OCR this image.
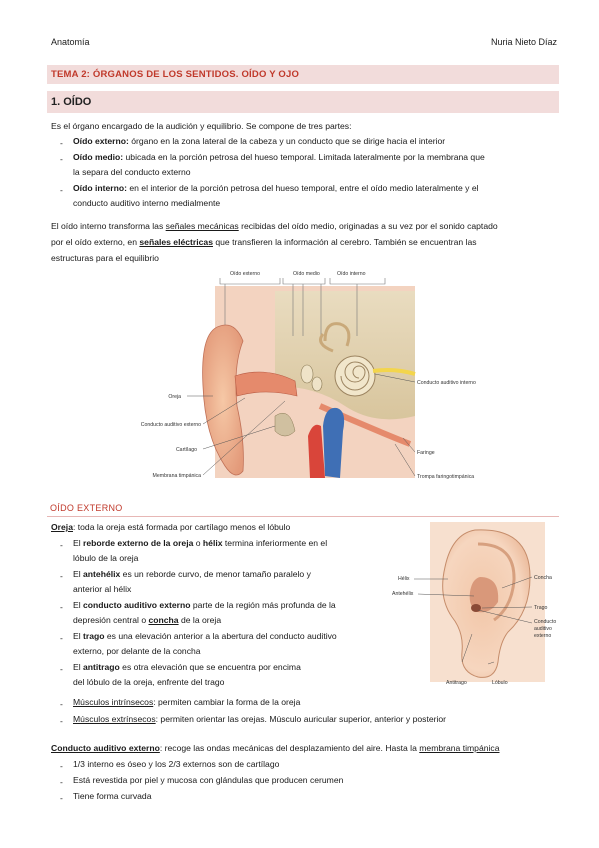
Anatomía	Nuria Nieto Díaz
TEMA 2: ÓRGANOS DE LOS SENTIDOS. OÍDO Y OJO
1. OÍDO
Es el órgano encargado de la audición y equilibrio. Se compone de tres partes:
- Oído externo: órgano en la zona lateral de la cabeza y un conducto que se dirige hacia el interior
- Oído medio: ubicada en la porción petrosa del hueso temporal. Limitada lateralmente por la membrana que
la separa del conducto externo
- Oído interno: en el interior de la porción petrosa del hueso temporal, entre el oído medio lateralmente y el
conducto auditivo interno medialmente
El oído interno transforma las señales mecánicas recibidas del oído medio, originadas a su vez por el sonido captado
por el oído externo, en señales eléctricas que transfieren la información al cerebro. También se encuentran las
estructuras para el equilibrio
Oído externo	Oído medio	Oído interno
Oreja
Conducto auditivo externo
Cartílago
Membrana timpánica
Conducto auditivo interno
Faringe
Trompa faringotimpánica
OÍDO EXTERNO
Oreja: toda la oreja está formada por cartílago menos el lóbulo
- El reborde externo de la oreja o hélix termina inferiormente en el
lóbulo de la oreja
- El antehélix es un reborde curvo, de menor tamaño paralelo y
anterior al hélix
- El conducto auditivo externo parte de la región más profunda de la
depresión central o concha de la oreja
- El trago es una elevación anterior a la abertura del conducto auditivo
externo, por delante de la concha
- El antitrago es otra elevación que se encuentra por encima
del lóbulo de la oreja, enfrente del trago
- Músculos intrínsecos: permiten cambiar la forma de la oreja
- Músculos extrínsecos: permiten orientar las orejas. Músculo auricular superior, anterior y posterior
Hélix
Antehélix
Concha
Trago
Conducto
auditivo
externo
Antitrago	Lóbulo
Conducto auditivo externo: recoge las ondas mecánicas del desplazamiento del aire. Hasta la membrana timpánica
- 1/3 interno es óseo y los 2/3 externos son de cartílago
- Está revestida por piel y mucosa con glándulas que producen cerumen
- Tiene forma curvada
